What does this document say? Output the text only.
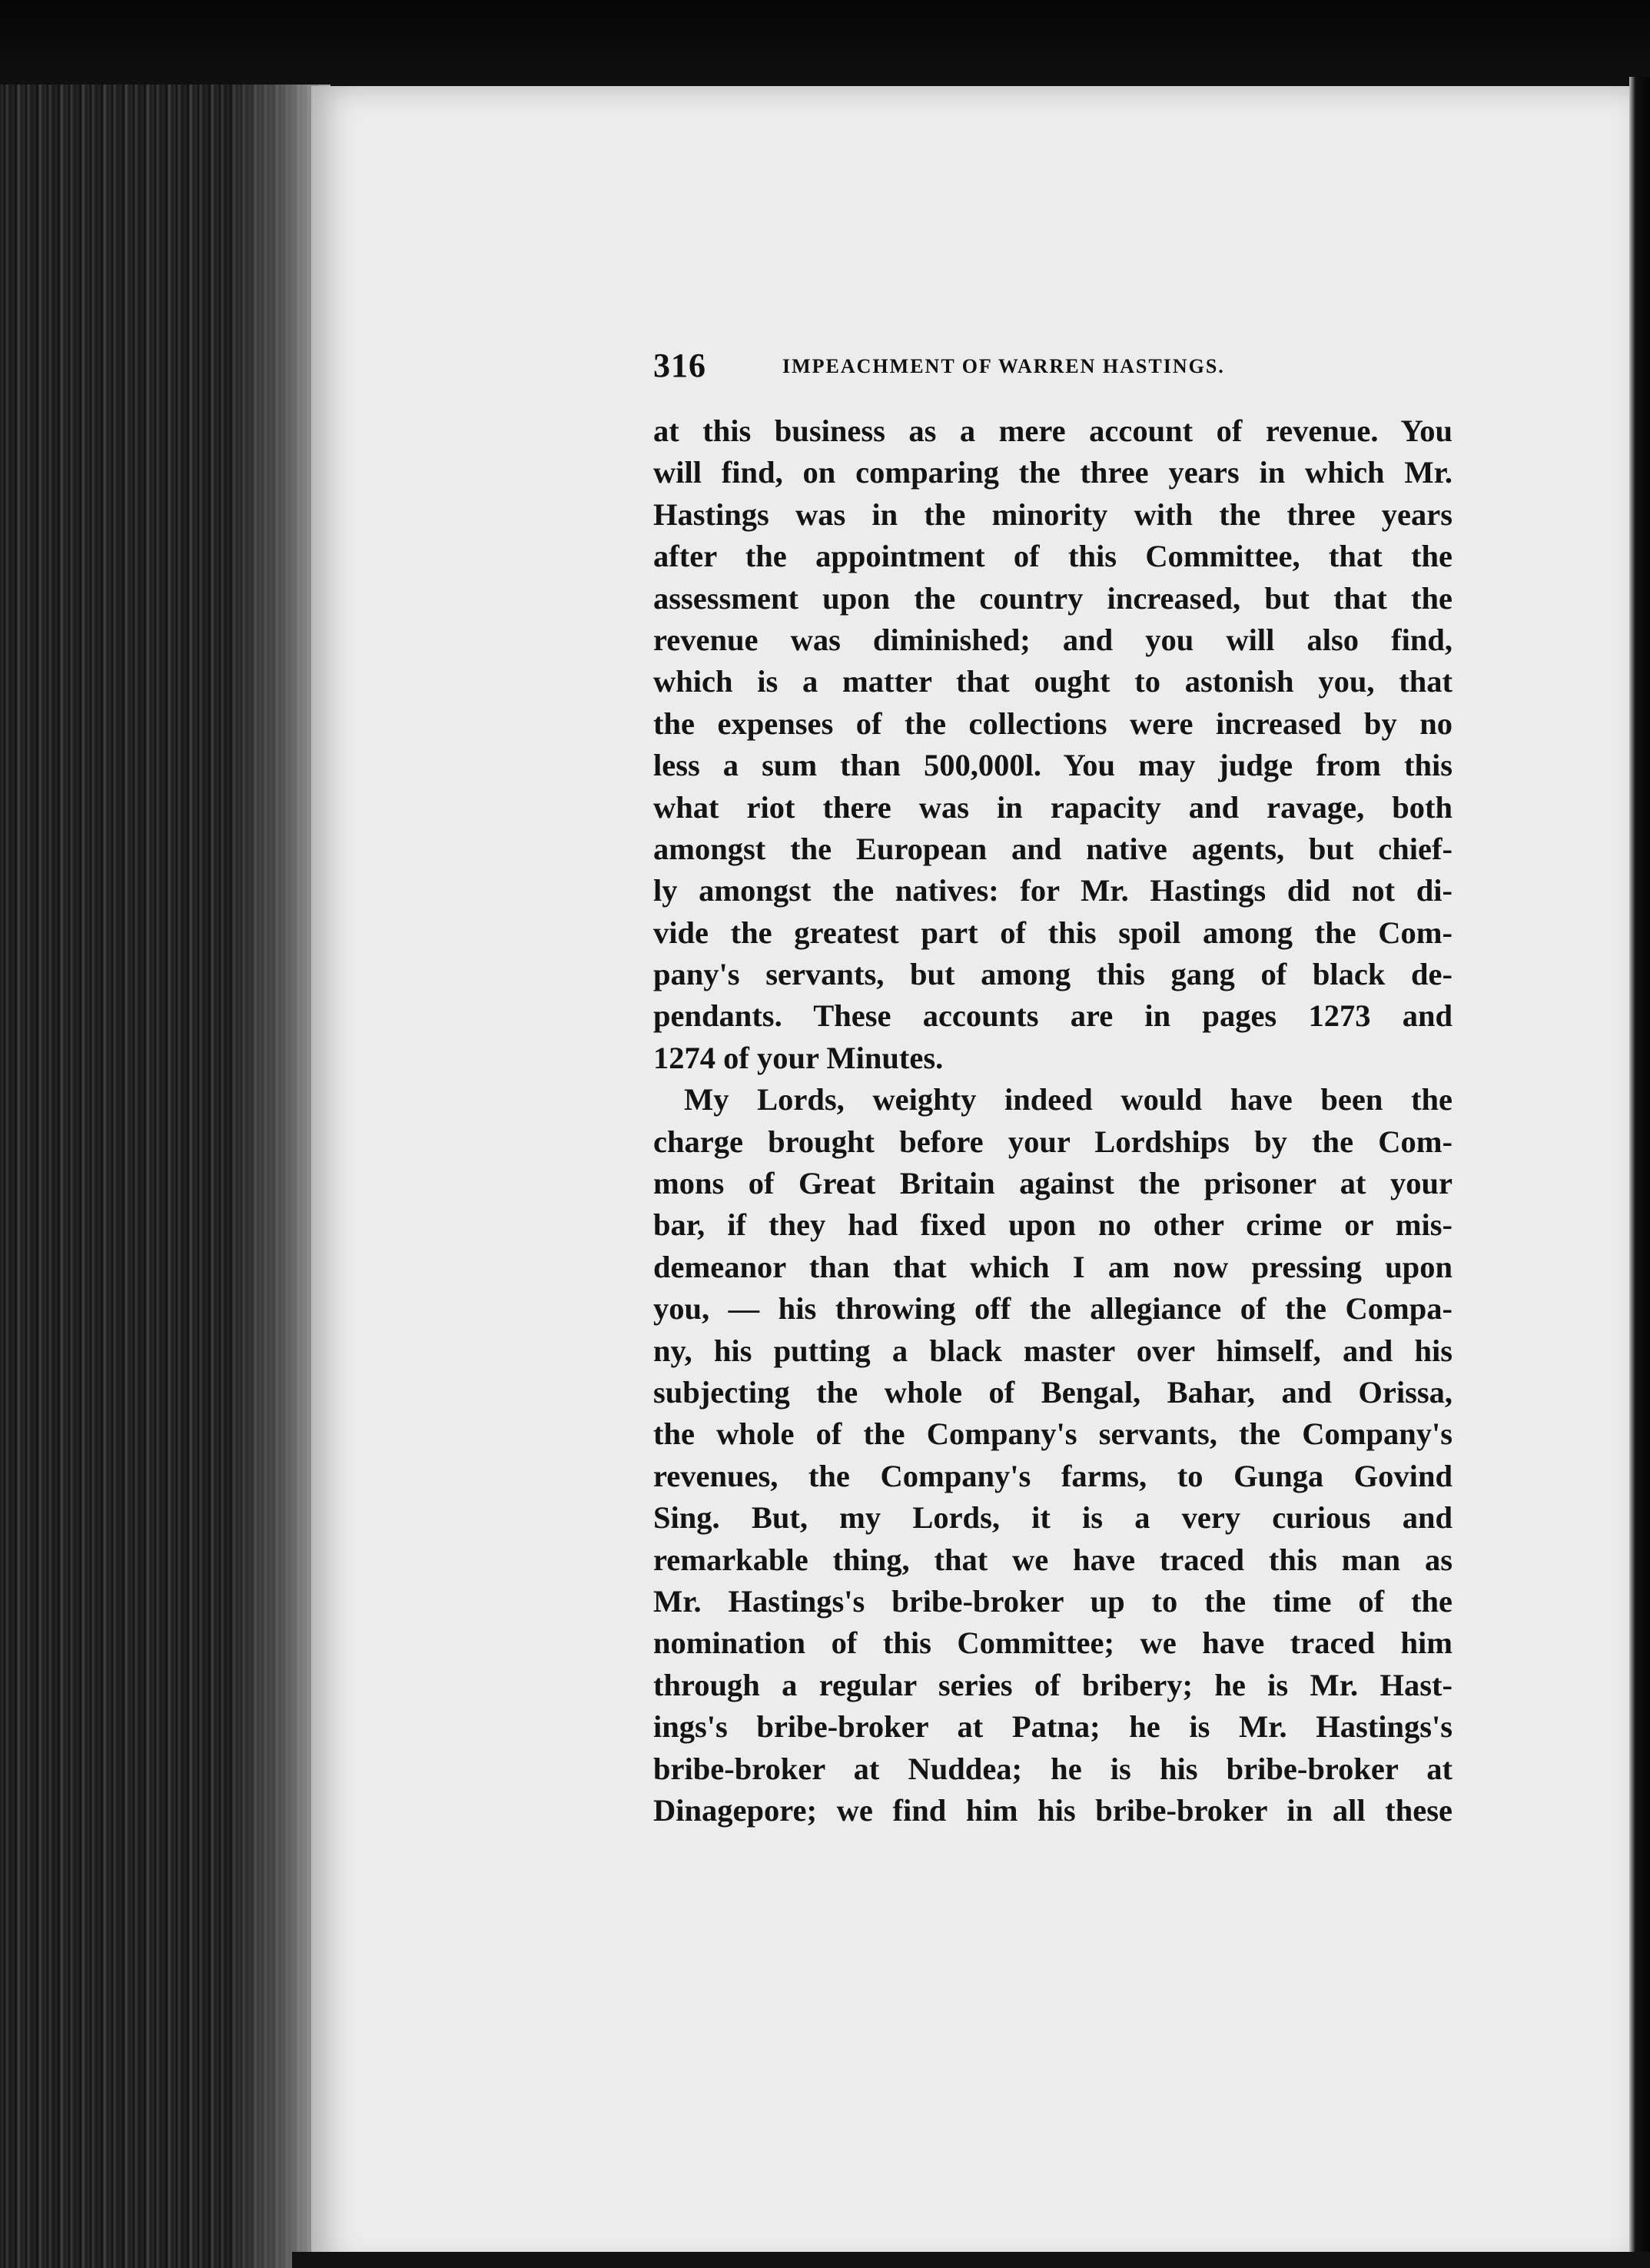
316	IMPEACHMENT OF WARREN HASTINGS.
at this business as a mere account of revenue. You
will find, on comparing the three years in which Mr.
Hastings was in the minority with the three years
after the appointment of this Committee, that the
assessment upon the country increased, but that the
revenue was diminished; and you will also find,
which is a matter that ought to astonish you, that
the expenses of the collections were increased by no
less a sum than 500,000l. You may judge from this
what riot there was in rapacity and ravage, both
amongst the European and native agents, but chief-
ly amongst the natives: for Mr. Hastings did not di-
vide the greatest part of this spoil among the Com-
pany's servants, but among this gang of black de-
pendants. These accounts are in pages 1273 and
1274 of your Minutes.
My Lords, weighty indeed would have been the
charge brought before your Lordships by the Com-
mons of Great Britain against the prisoner at your
bar, if they had fixed upon no other crime or mis-
demeanor than that which I am now pressing upon
you, — his throwing off the allegiance of the Compa-
ny, his putting a black master over himself, and his
subjecting the whole of Bengal, Bahar, and Orissa,
the whole of the Company's servants, the Company's
revenues, the Company's farms, to Gunga Govind
Sing. But, my Lords, it is a very curious and
remarkable thing, that we have traced this man as
Mr. Hastings's bribe-broker up to the time of the
nomination of this Committee; we have traced him
through a regular series of bribery; he is Mr. Hast-
ings's bribe-broker at Patna; he is Mr. Hastings's
bribe-broker at Nuddea; he is his bribe-broker at
Dinagepore; we find him his bribe-broker in all these
